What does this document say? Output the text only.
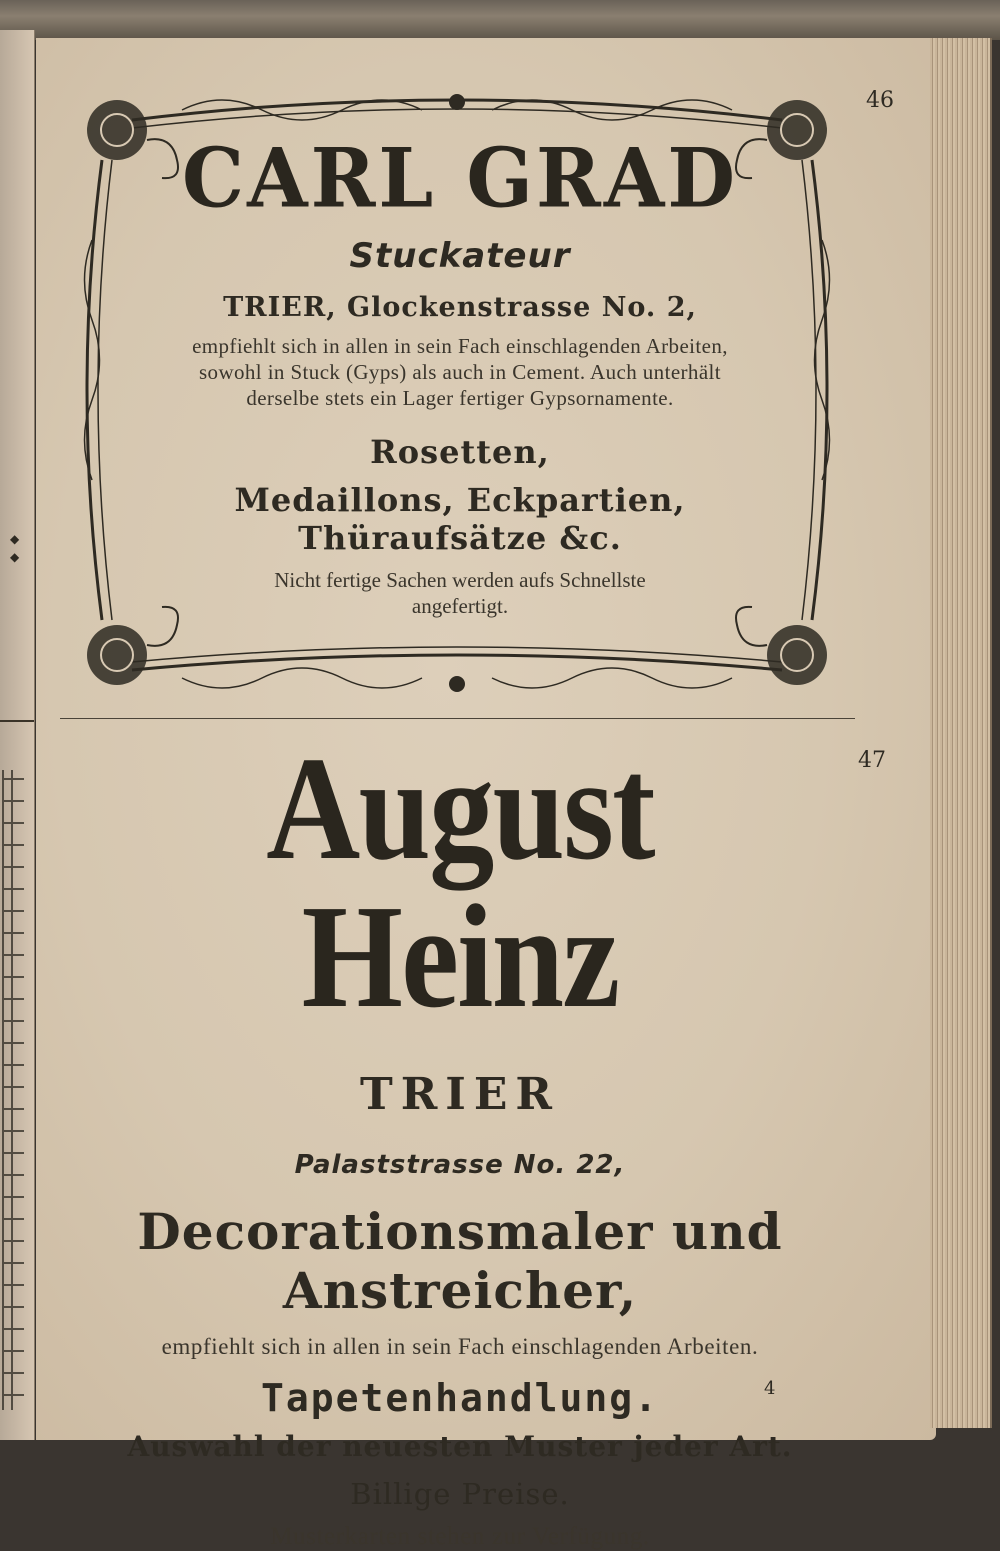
◆
◆
46
47
4
CARL GRAD
Stuckateur
TRIER, Glockenstrasse No. 2,
empfiehlt sich in allen in sein Fach einschlagenden Arbeiten,
sowohl in Stuck (Gyps) als auch in Cement. Auch unterhält
derselbe stets ein Lager fertiger Gypsornamente.
Rosetten,
Medaillons, Eckpartien, Thüraufsätze &c.
Nicht fertige Sachen werden aufs Schnellste
angefertigt.
August Heinz
TRIER
Palaststrasse No. 22,
Decorationsmaler und Anstreicher,
empfiehlt sich in allen in sein Fach einschlagenden Arbeiten.
Tapetenhandlung.
Auswahl der neuesten Muster jeder Art.
Billige Preise.
Musterkarten stehen zur Verfügung.
